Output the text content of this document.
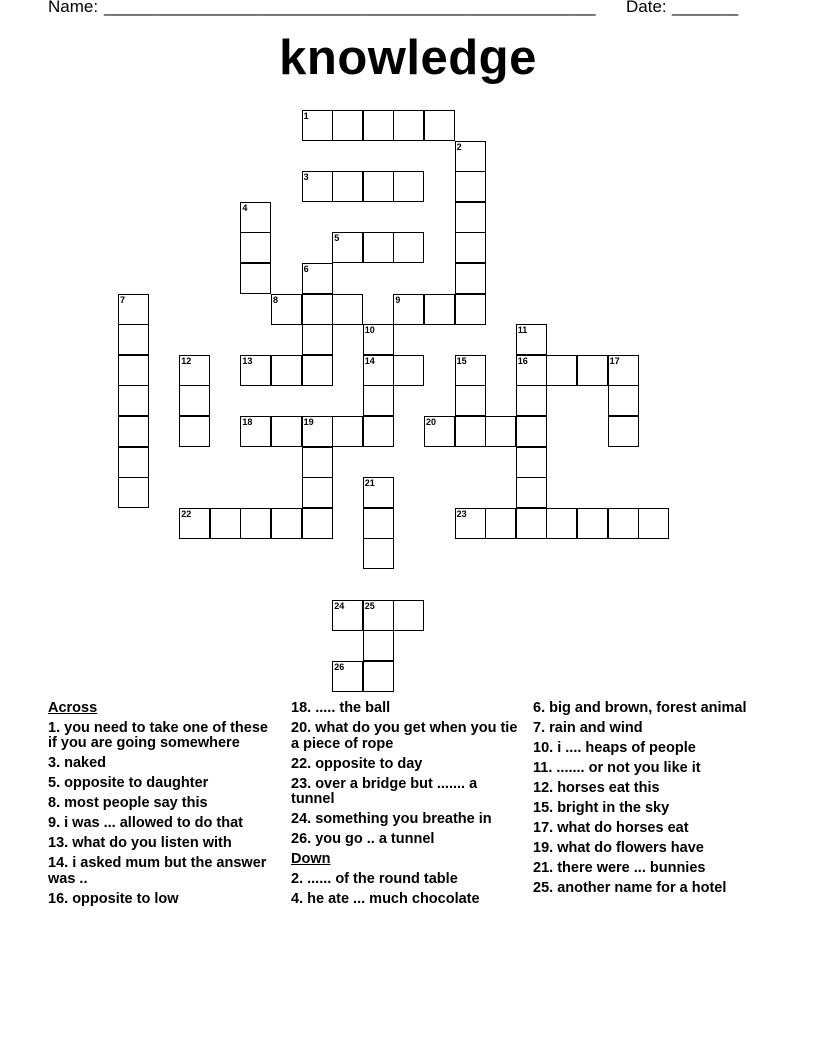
Name: ____________________________________________________ Date: _______
knowledge
1
2
3
4
5
6
7	8	9
10
14
11
16
12	13	15	17
18	19	20
21
22	23
24 25
26
Across
1. you need to take one of these if you are going somewhere
3. naked
5. opposite to daughter
8. most people say this
9. i was ... allowed to do that
13. what do you listen with
14. i asked mum but the answer was ..
16. opposite to low
18. ..... the ball
20. what do you get when you tie a piece of rope
22. opposite to day
23. over a bridge but ....... a tunnel
24. something you breathe in
26. you go .. a tunnel
Down
2. ...... of the round table
4. he ate ... much chocolate
6. big and brown, forest animal
7. rain and wind
10. i .... heaps of people
11. ....... or not you like it
12. horses eat this
15. bright in the sky
17. what do horses eat
19. what do flowers have
21. there were ... bunnies
25. another name for a hotel
